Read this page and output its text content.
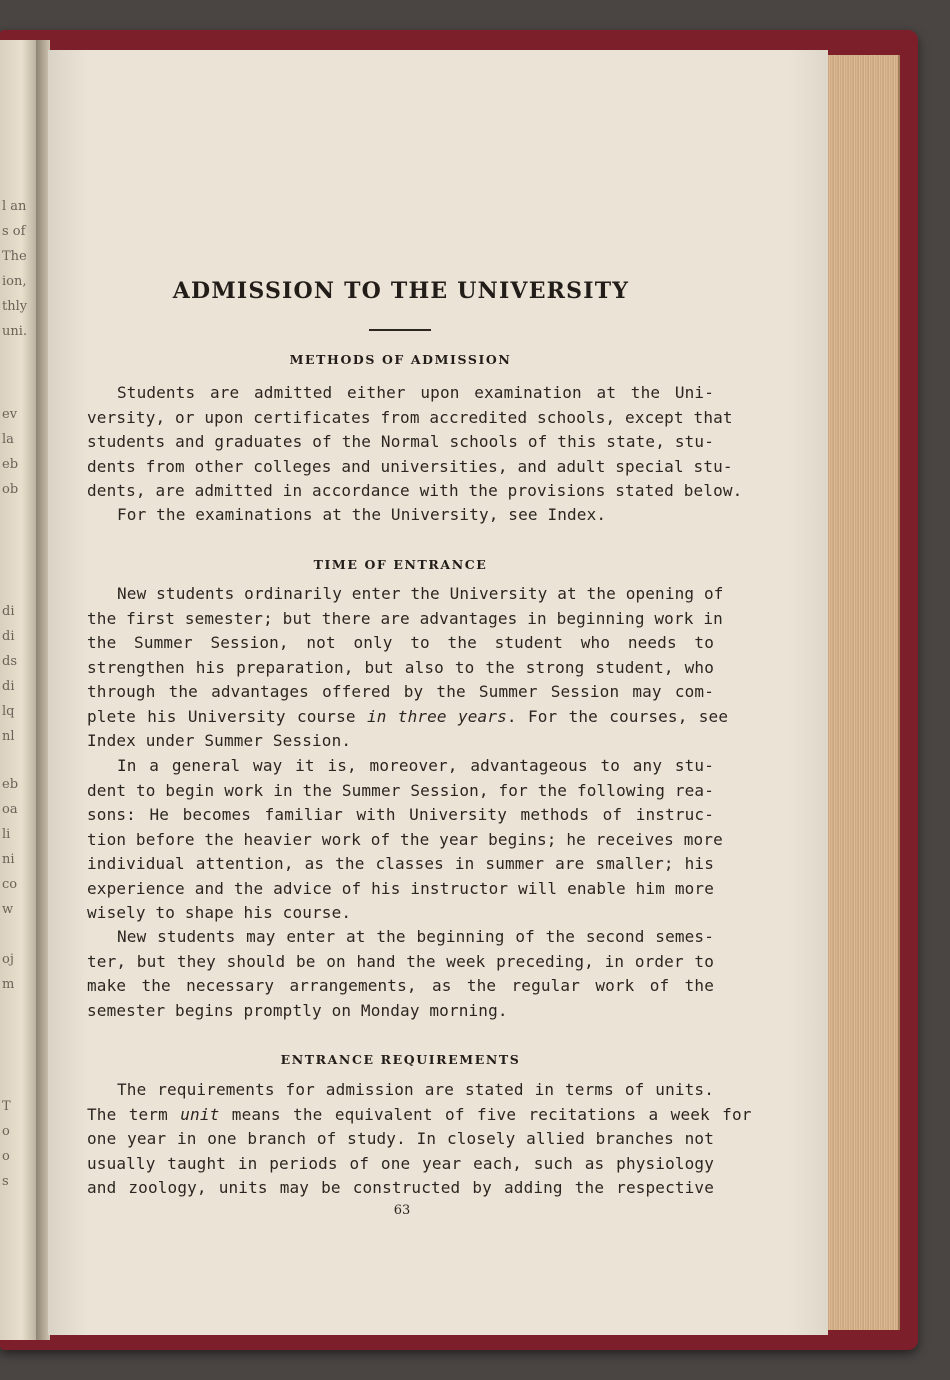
l an
s of
The
ion,
thly
uni.
ev
la
eb
ob
di
di
ds
di
lq
nl
eb
oa
li
ni
co
w
oj
m
T
o
o
s
ADMISSION TO THE UNIVERSITY
METHODS OF ADMISSION
Students are admitted either upon examination at the Uni-
versity, or upon certificates from accredited schools, except that
students and graduates of the Normal schools of this state, stu-
dents from other colleges and universities, and adult special stu-
dents, are admitted in accordance with the provisions stated below.
For the examinations at the University, see Index.
TIME OF ENTRANCE
New students ordinarily enter the University at the opening of
the first semester; but there are advantages in beginning work in
the Summer Session, not only to the student who needs to
strengthen his preparation, but also to the strong student, who
through the advantages offered by the Summer Session may com-
plete his University course in three years. For the courses, see
Index under Summer Session.
In a general way it is, moreover, advantageous to any stu-
dent to begin work in the Summer Session, for the following rea-
sons: He becomes familiar with University methods of instruc-
tion before the heavier work of the year begins; he receives more
individual attention, as the classes in summer are smaller; his
experience and the advice of his instructor will enable him more
wisely to shape his course.
New students may enter at the beginning of the second semes-
ter, but they should be on hand the week preceding, in order to
make the necessary arrangements, as the regular work of the
semester begins promptly on Monday morning.
ENTRANCE REQUIREMENTS
The requirements for admission are stated in terms of units.
The term unit means the equivalent of five recitations a week for
one year in one branch of study. In closely allied branches not
usually taught in periods of one year each, such as physiology
and zoology, units may be constructed by adding the respective
63
